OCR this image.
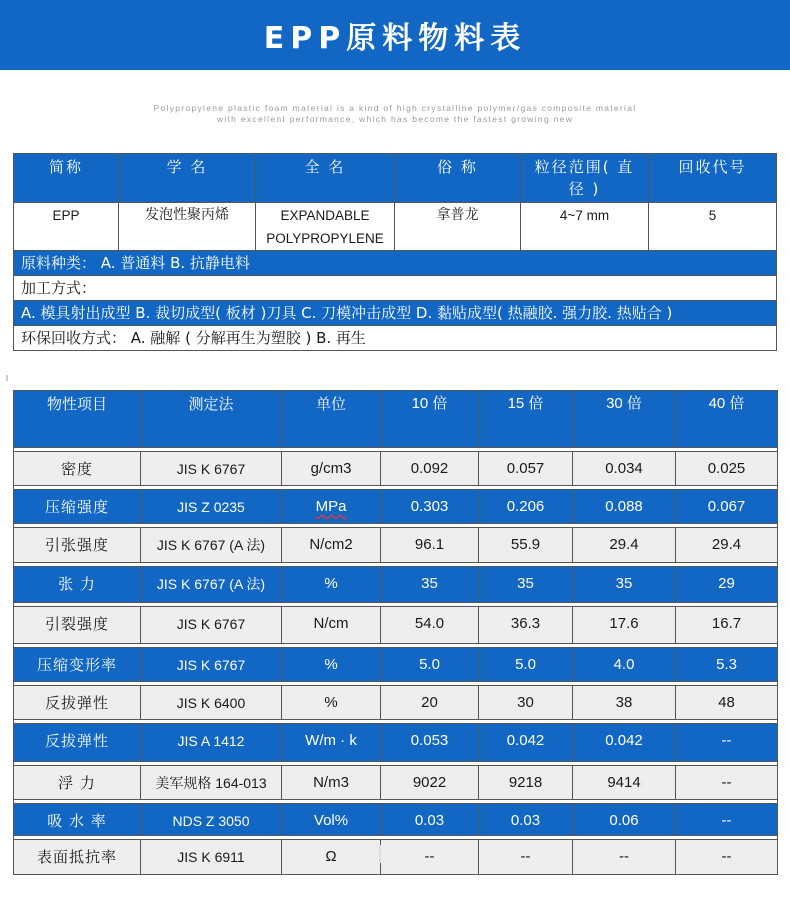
EPP原料物料表
Polypropylene plastic foam material is a kind of high crystalline polymer/gas composite material
with excellent performance, which has become the fastest growing new
简称	学 名	全 名	俗 称	粒径范围( 直
径 )	回收代号
EPP	发泡性聚丙烯	EXPANDABLE
POLYPROPYLENE	拿普龙	4~7 mm	5
原料种类： A. 普通料 B. 抗静电料					
加工方式：					
A. 模具射出成型 B. 裁切成型( 板材 )刀具 C. 刀模冲击成型 D. 黏贴成型( 热融胶. 强力胶. 热贴合 )					
环保回收方式： A. 融解 ( 分解再生为塑胶 ) B. 再生					
物性项目	测定法	单位	10 倍	15 倍	30 倍	40 倍

密度	JIS K 6767	g/cm3	0.092	0.057	0.034	0.025

压缩强度	JIS Z 0235	MPa	0.303	0.206	0.088	0.067

引张强度	JIS K 6767 (A 法)	N/cm2	96.1	55.9	29.4	29.4

张 力	JIS K 6767 (A 法)	%	35	35	35	29

引裂强度	JIS K 6767	N/cm	54.0	36.3	17.6	16.7

压缩变形率	JIS K 6767	%	5.0	5.0	4.0	5.3

反拔弹性	JIS K 6400	%	20	30	38	48

反拔弹性	JIS A 1412	W/m · k	0.053	0.042	0.042	--

浮 力	美军规格 164-013	N/m3	9022	9218	9414	--

吸 水 率	NDS Z 3050	Vol%	0.03	0.03	0.06	--

表面抵抗率	JIS K 6911	Ω	--	--	--	--
